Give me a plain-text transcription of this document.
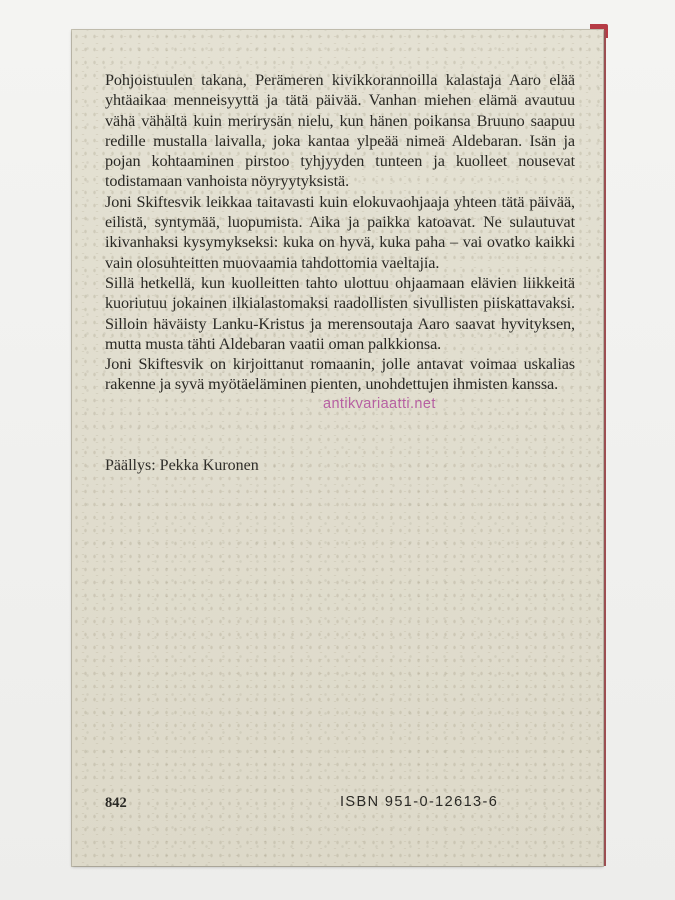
Pohjoistuulen takana, Perämeren kivikkorannoilla kalastaja Aaro elää yhtäaikaa menneisyyttä ja tätä päivää. Vanhan miehen elämä avautuu vähä vähältä kuin merirysän nielu, kun hänen poikansa Bruuno saapuu redille mustalla laivalla, joka kantaa ylpeää nimeä Aldebaran. Isän ja pojan kohtaaminen pirstoo tyhjyyden tunteen ja kuolleet nousevat todistamaan vanhoista nöyryytyksistä.

Joni Skiftesvik leikkaa taitavasti kuin elokuvaohjaaja yhteen tätä päivää, eilistä, syntymää, luopumista. Aika ja paikka katoavat. Ne sulautuvat ikivanhaksi kysymykseksi: kuka on hyvä, kuka paha – vai ovatko kaikki vain olosuhteitten muovaamia tahdottomia vaeltajia.

Sillä hetkellä, kun kuolleitten tahto ulottuu ohjaamaan elävien liikkeitä kuoriutuu jokainen ilkialastomaksi raadollisten sivullisten piiskattavaksi. Silloin häväisty Lanku-Kristus ja merensoutaja Aaro saavat hyvityksen, mutta musta tähti Aldebaran vaatii oman palkkionsa.

Joni Skiftesvik on kirjoittanut romaanin, jolle antavat voimaa uskalias rakenne ja syvä myötäeläminen pienten, unohdettujen ihmisten kanssa.

Päällys: Pekka Kuronen
antikvariaatti.net
842	ISBN 951-0-12613-6
